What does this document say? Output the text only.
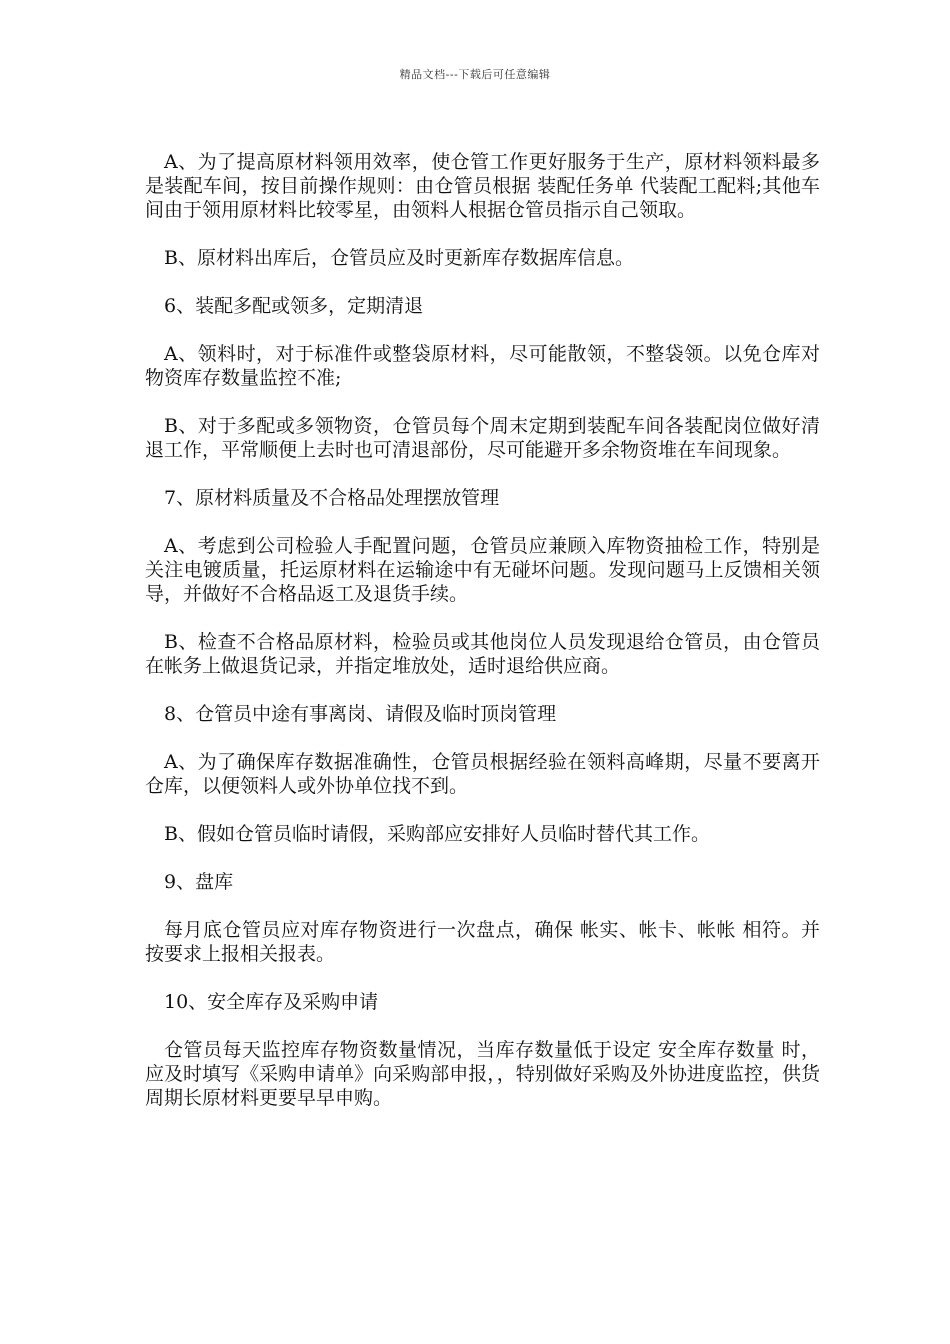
精品文档---下载后可任意编辑

A、为了提高原材料领用效率，使仓管工作更好服务于生产，原材料领料最多是装配车间，按目前操作规则：由仓管员根据 装配任务单 代装配工配料;其他车间由于领用原材料比较零星，由领料人根据仓管员指示自己领取。

B、原材料出库后，仓管员应及时更新库存数据库信息。

6、装配多配或领多，定期清退

A、领料时，对于标准件或整袋原材料，尽可能散领，不整袋领。以免仓库对物资库存数量监控不准;

B、对于多配或多领物资，仓管员每个周末定期到装配车间各装配岗位做好清退工作，平常顺便上去时也可清退部份，尽可能避开多余物资堆在车间现象。

7、原材料质量及不合格品处理摆放管理

A、考虑到公司检验人手配置问题，仓管员应兼顾入库物资抽检工作，特别是关注电镀质量，托运原材料在运输途中有无碰坏问题。发现问题马上反馈相关领导，并做好不合格品返工及退货手续。

B、检查不合格品原材料，检验员或其他岗位人员发现退给仓管员，由仓管员在帐务上做退货记录，并指定堆放处，适时退给供应商。

8、仓管员中途有事离岗、请假及临时顶岗管理

A、为了确保库存数据准确性，仓管员根据经验在领料高峰期，尽量不要离开仓库，以便领料人或外协单位找不到。

B、假如仓管员临时请假，采购部应安排好人员临时替代其工作。

9、盘库

每月底仓管员应对库存物资进行一次盘点，确保 帐实、帐卡、帐帐 相符。并按要求上报相关报表。

10、安全库存及采购申请

仓管员每天监控库存物资数量情况，当库存数量低于设定 安全库存数量 时，应及时填写《采购申请单》向采购部申报，，特别做好采购及外协进度监控，供货周期长原材料更要早早申购。
